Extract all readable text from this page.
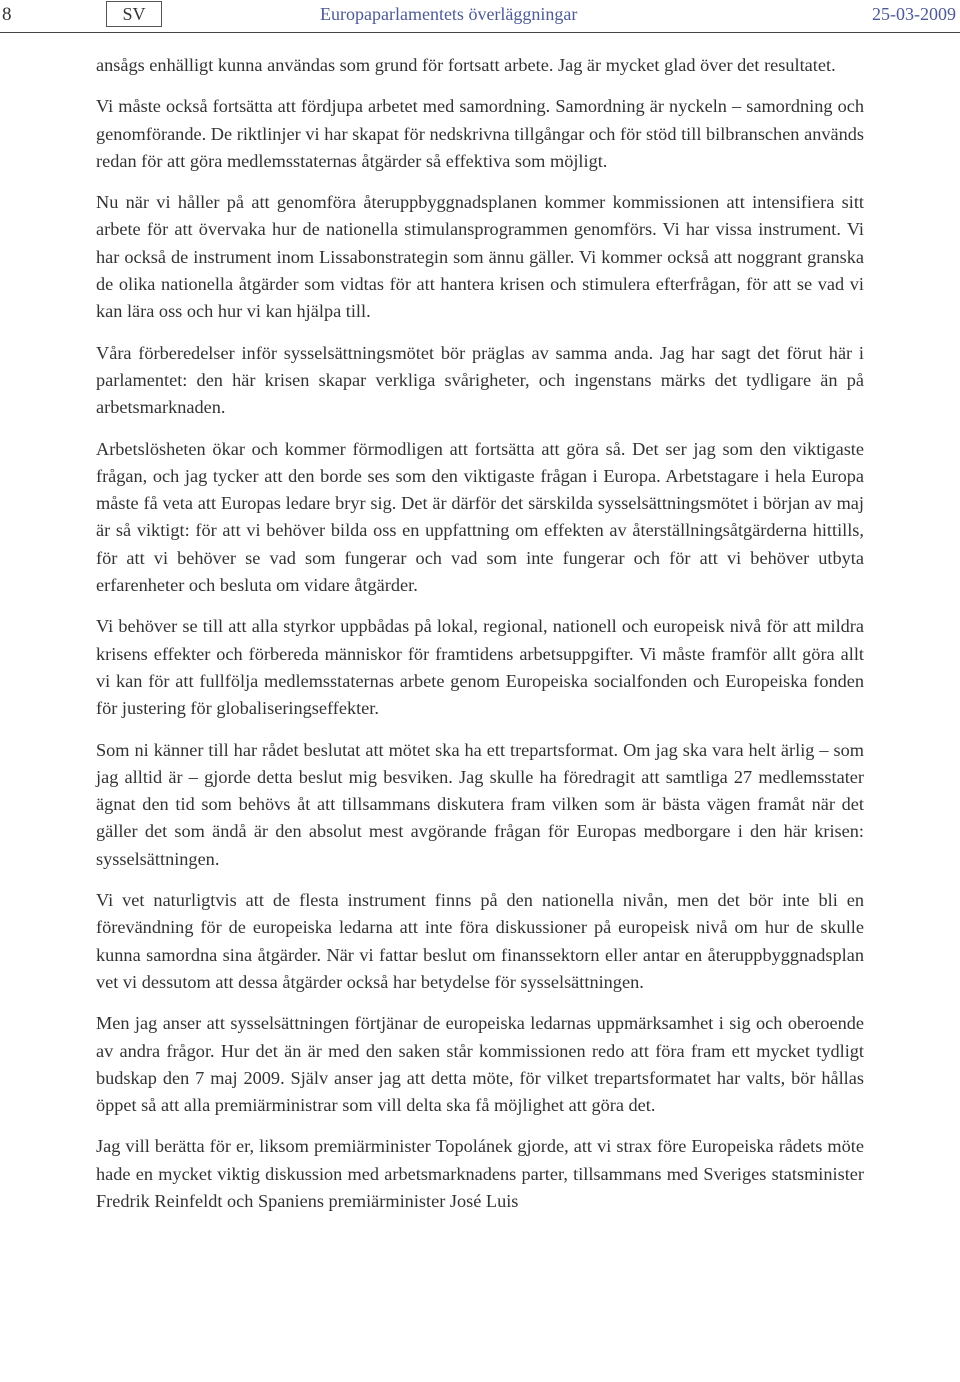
8	SV	Europaparlamentets överläggningar	25-03-2009

ansågs enhälligt kunna användas som grund för fortsatt arbete. Jag är mycket glad över det resultatet.

Vi måste också fortsätta att fördjupa arbetet med samordning. Samordning är nyckeln – samordning och genomförande. De riktlinjer vi har skapat för nedskrivna tillgångar och för stöd till bilbranschen används redan för att göra medlemsstaternas åtgärder så effektiva som möjligt.

Nu när vi håller på att genomföra återuppbyggnadsplanen kommer kommissionen att intensifiera sitt arbete för att övervaka hur de nationella stimulansprogrammen genomförs. Vi har vissa instrument. Vi har också de instrument inom Lissabonstrategin som ännu gäller. Vi kommer också att noggrant granska de olika nationella åtgärder som vidtas för att hantera krisen och stimulera efterfrågan, för att se vad vi kan lära oss och hur vi kan hjälpa till.

Våra förberedelser inför sysselsättningsmötet bör präglas av samma anda. Jag har sagt det förut här i parlamentet: den här krisen skapar verkliga svårigheter, och ingenstans märks det tydligare än på arbetsmarknaden.

Arbetslösheten ökar och kommer förmodligen att fortsätta att göra så. Det ser jag som den viktigaste frågan, och jag tycker att den borde ses som den viktigaste frågan i Europa. Arbetstagare i hela Europa måste få veta att Europas ledare bryr sig. Det är därför det särskilda sysselsättningsmötet i början av maj är så viktigt: för att vi behöver bilda oss en uppfattning om effekten av återställningsåtgärderna hittills, för att vi behöver se vad som fungerar och vad som inte fungerar och för att vi behöver utbyta erfarenheter och besluta om vidare åtgärder.

Vi behöver se till att alla styrkor uppbådas på lokal, regional, nationell och europeisk nivå för att mildra krisens effekter och förbereda människor för framtidens arbetsuppgifter. Vi måste framför allt göra allt vi kan för att fullfölja medlemsstaternas arbete genom Europeiska socialfonden och Europeiska fonden för justering för globaliseringseffekter.

Som ni känner till har rådet beslutat att mötet ska ha ett trepartsformat. Om jag ska vara helt ärlig – som jag alltid är – gjorde detta beslut mig besviken. Jag skulle ha föredragit att samtliga 27 medlemsstater ägnat den tid som behövs åt att tillsammans diskutera fram vilken som är bästa vägen framåt när det gäller det som ändå är den absolut mest avgörande frågan för Europas medborgare i den här krisen: sysselsättningen.

Vi vet naturligtvis att de flesta instrument finns på den nationella nivån, men det bör inte bli en förevändning för de europeiska ledarna att inte föra diskussioner på europeisk nivå om hur de skulle kunna samordna sina åtgärder. När vi fattar beslut om finanssektorn eller antar en återuppbyggnadsplan vet vi dessutom att dessa åtgärder också har betydelse för sysselsättningen.

Men jag anser att sysselsättningen förtjänar de europeiska ledarnas uppmärksamhet i sig och oberoende av andra frågor. Hur det än är med den saken står kommissionen redo att föra fram ett mycket tydligt budskap den 7 maj 2009. Själv anser jag att detta möte, för vilket trepartsformatet har valts, bör hållas öppet så att alla premiärministrar som vill delta ska få möjlighet att göra det.

Jag vill berätta för er, liksom premiärminister Topolánek gjorde, att vi strax före Europeiska rådets möte hade en mycket viktig diskussion med arbetsmarknadens parter, tillsammans med Sveriges statsminister Fredrik Reinfeldt och Spaniens premiärminister José Luis
